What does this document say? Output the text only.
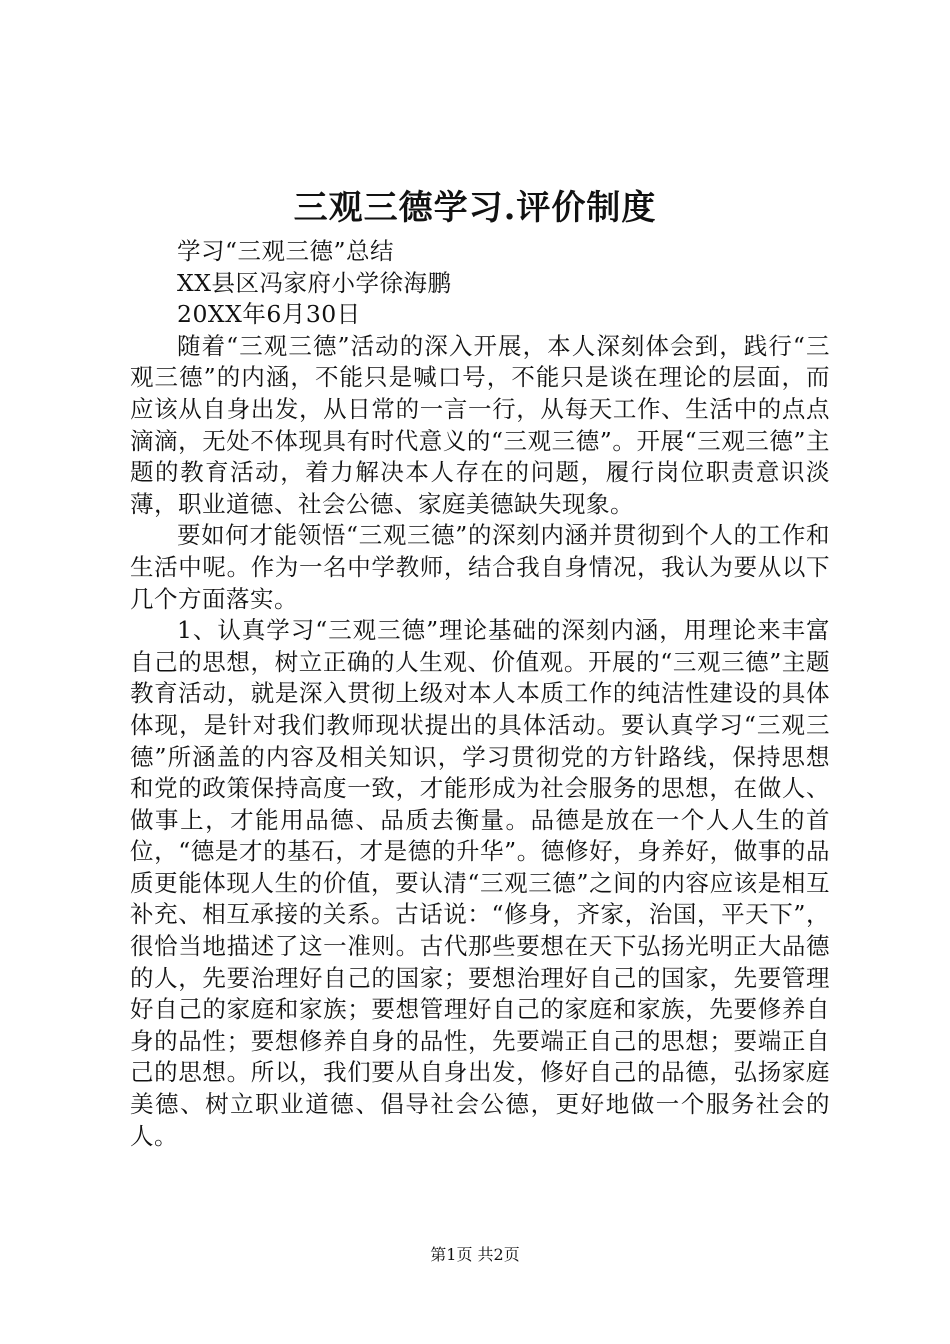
三观三德学习.评价制度

学习“三观三德”总结

XX县区冯家府小学徐海鹏

20XX年6月30日

随着“三观三德”活动的深入开展，本人深刻体会到，践行“三观三德”的内涵，不能只是喊口号，不能只是谈在理论的层面，而应该从自身出发，从日常的一言一行，从每天工作、生活中的点点滴滴，无处不体现具有时代意义的“三观三德”。开展“三观三德”主题的教育活动，着力解决本人存在的问题，履行岗位职责意识淡薄，职业道德、社会公德、家庭美德缺失现象。

要如何才能领悟“三观三德”的深刻内涵并贯彻到个人的工作和生活中呢。作为一名中学教师，结合我自身情况，我认为要从以下几个方面落实。

1、认真学习“三观三德”理论基础的深刻内涵，用理论来丰富自己的思想，树立正确的人生观、价值观。开展的“三观三德”主题教育活动，就是深入贯彻上级对本人本质工作的纯洁性建设的具体体现，是针对我们教师现状提出的具体活动。要认真学习“三观三德”所涵盖的内容及相关知识，学习贯彻党的方针路线，保持思想和党的政策保持高度一致，才能形成为社会服务的思想，在做人、做事上，才能用品德、品质去衡量。品德是放在一个人人生的首位，“德是才的基石，才是德的升华”。德修好，身养好，做事的品质更能体现人生的价值，要认清“三观三德”之间的内容应该是相互补充、相互承接的关系。古话说：“修身，齐家，治国，平天下”，很恰当地描述了这一准则。古代那些要想在天下弘扬光明正大品德的人，先要治理好自己的国家；要想治理好自己的国家，先要管理好自己的家庭和家族；要想管理好自己的家庭和家族，先要修养自身的品性；要想修养自身的品性，先要端正自己的思想；要端正自己的思想。所以，我们要从自身出发，修好自己的品德，弘扬家庭美德、树立职业道德、倡导社会公德，更好地做一个服务社会的人。

第1页 共2页
